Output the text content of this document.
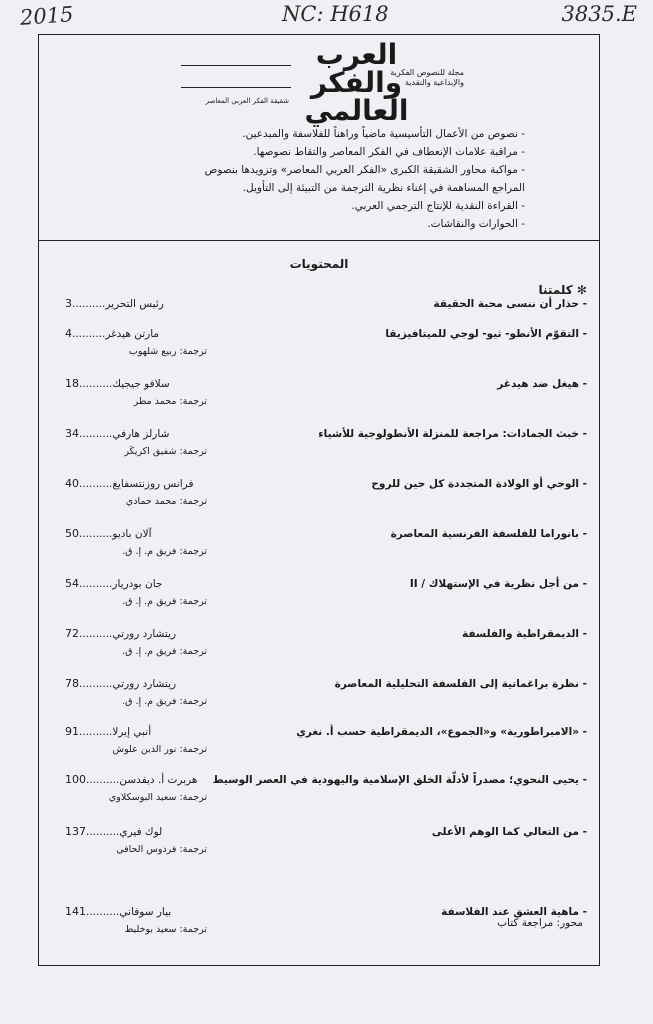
2015	NC: H618	3835.E
العرب
والفكر
العالمي
مجلة للنصوص الفكرية والإبداعية والنقدية
شقيقة الفكر العربي المعاصر
- نصوص من الأعمال التأسيسية ماضياً وراهناً للفلاسفة والمبدعين.
- مراقبة علامات الإنعطاف في الفكر المعاصر والتقاط نصوصها.
- مواكبة محاور الشقيقة الكبرى «الفكر العربي المعاصر» وتزويدها بنصوص
المراجع المساهمة في إغناء نظرية الترجمة من التبيئة إلى التأويل.
- القراءة النقدية للإنتاج الترجمي العربي.
- الحوارات والنقاشات.
المحتويات
✻ كلمتنا
- حذار أن ننسى محبة الحقيقة
رئيس التحرير..........3
- التقوّم الأنطو- ثيو- لوجي للميتافيزيقا
مارتن هيدغر..........4
ترجمة: ربيع شلهوب
- هيغل ضد هيدغر
سلافو جيجيك..........18
ترجمة: محمد مطر
- خبث الجمادات: مراجعة للمنزلة الأنطولوجية للأشياء
شارلز هارفي..........34
ترجمة: شفيق اكريكَر
- الوحي أو الولادة المتجددة كل حين للروح
فرانس روزنتسفايغ..........40
ترجمة: محمد حمادي
- بانوراما للفلسفة الفرنسية المعاصرة
آلان باديو..........50
ترجمة: فريق م. إ. ق.
- من أجل نظرية في الإستهلاك / II
جان بودريار..........54
ترجمة: فريق م. إ. ق.
- الديمقراطية والفلسفة
ريتشارد رورتي..........72
ترجمة: فريق م. إ. ق.
- نظرة براغماتية إلى الفلسفة التحليلية المعاصرة
ريتشارد رورتي..........78
ترجمة: فريق م. إ. ق.
- «الامبراطورية» و«الجموع»، الديمقراطية حسب أ. نغري
أنبي إيرلا..........91
ترجمة: نور الدين علوش
- يحيى النحوي؛ مصدراً لأدلّة الخلق الإسلامية واليهودية في العصر الوسيط
هربرت أ. ديفدسن..........100
ترجمة: سعيد البوسكلاوي
- من التعالي كما الوهم الأعلى
لوك فيري..........137
ترجمة: فردوس الحافي
محور: مراجعة كتاب
- ماهية العشق عند الفلاسفة
بيار سوفاني..........141
ترجمة: سعيد بوخليط
